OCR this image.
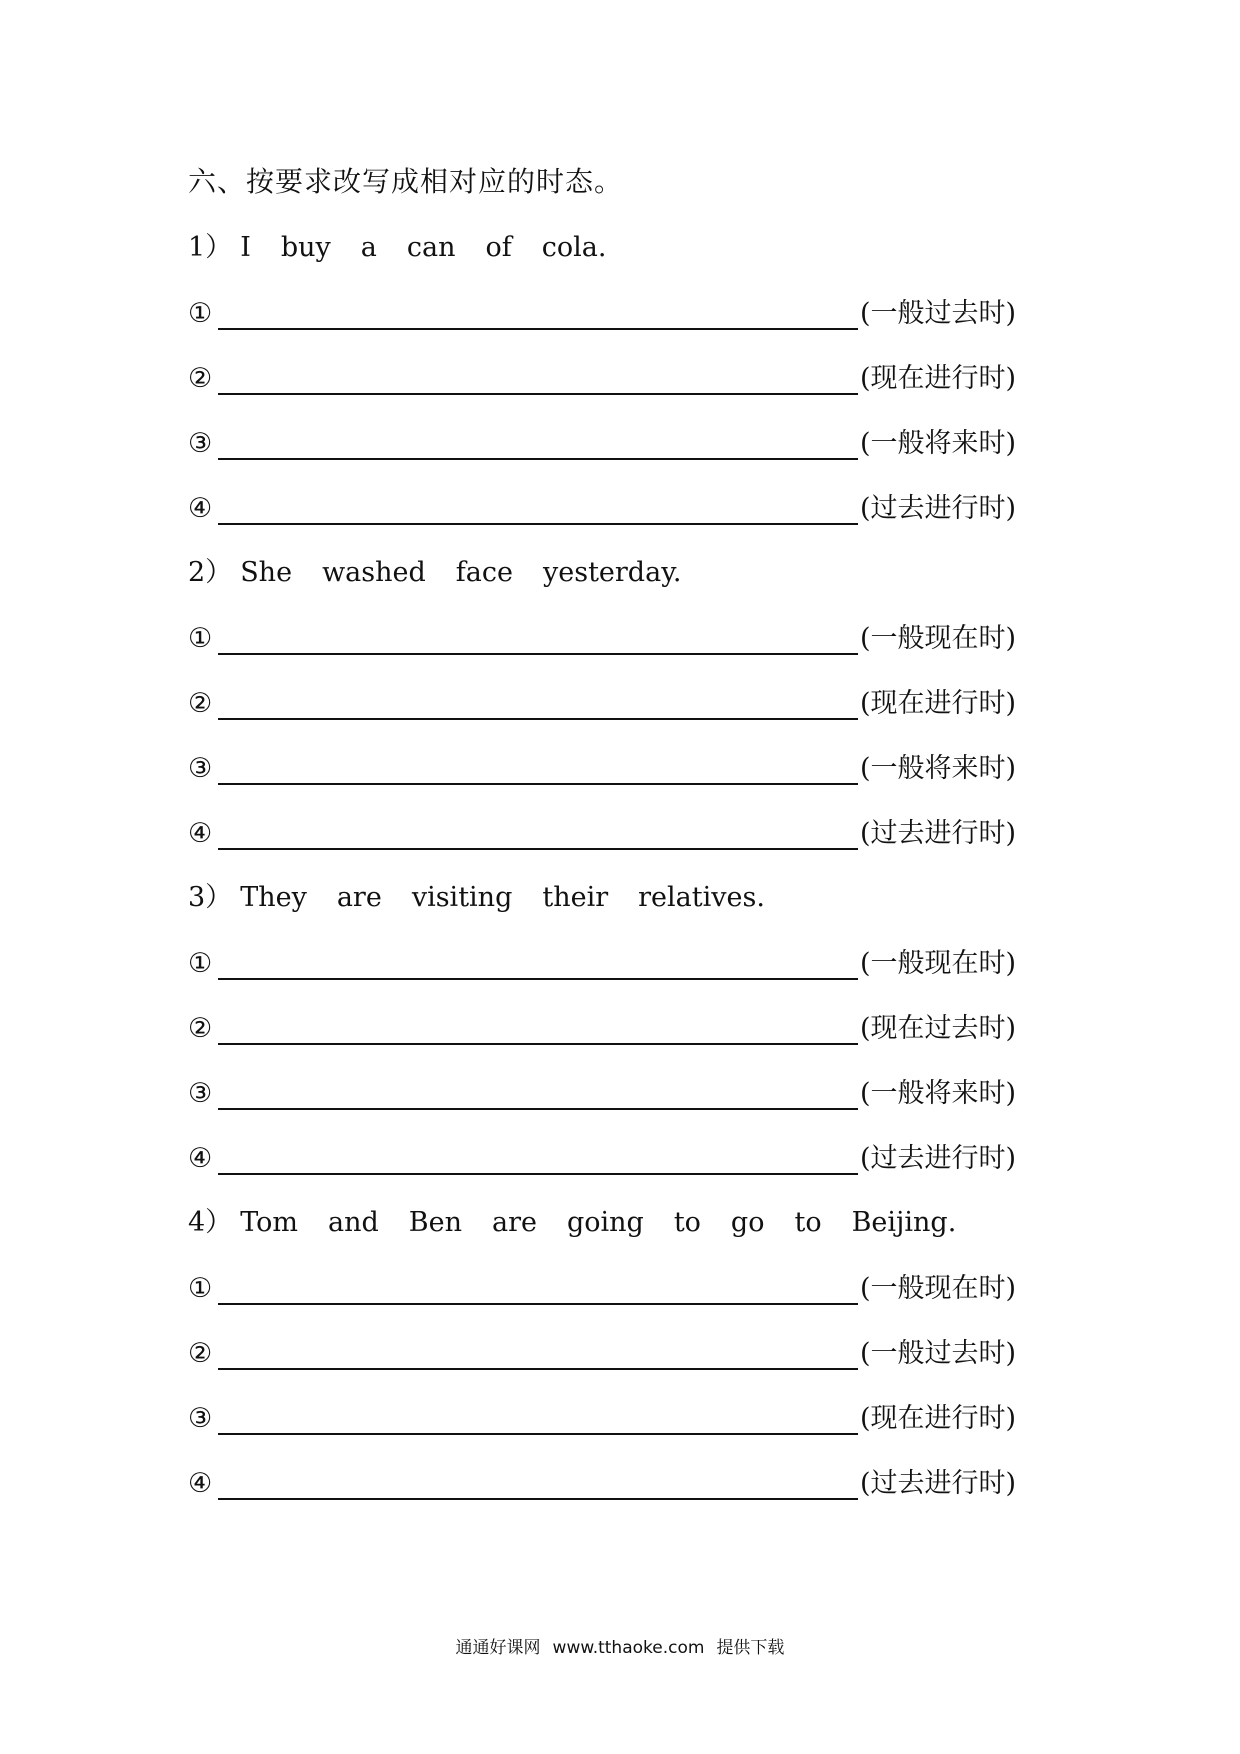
六、按要求改写成相对应的时态。
1） I buy a can of cola.
①	(一般过去时)
②	(现在进行时)
③	(一般将来时)
④	(过去进行时)
2） She washed face yesterday.
①	(一般现在时)
②	(现在进行时)
③	(一般将来时)
④	(过去进行时)
3） They are visiting their relatives.
①	(一般现在时)
②	(现在过去时)
③	(一般将来时)
④	(过去进行时)
4） Tom and Ben are going to go to Beijing.
①	(一般现在时)
②	(一般过去时)
③	(现在进行时)
④	(过去进行时)
通通好课网 www.tthaoke.com 提供下载
